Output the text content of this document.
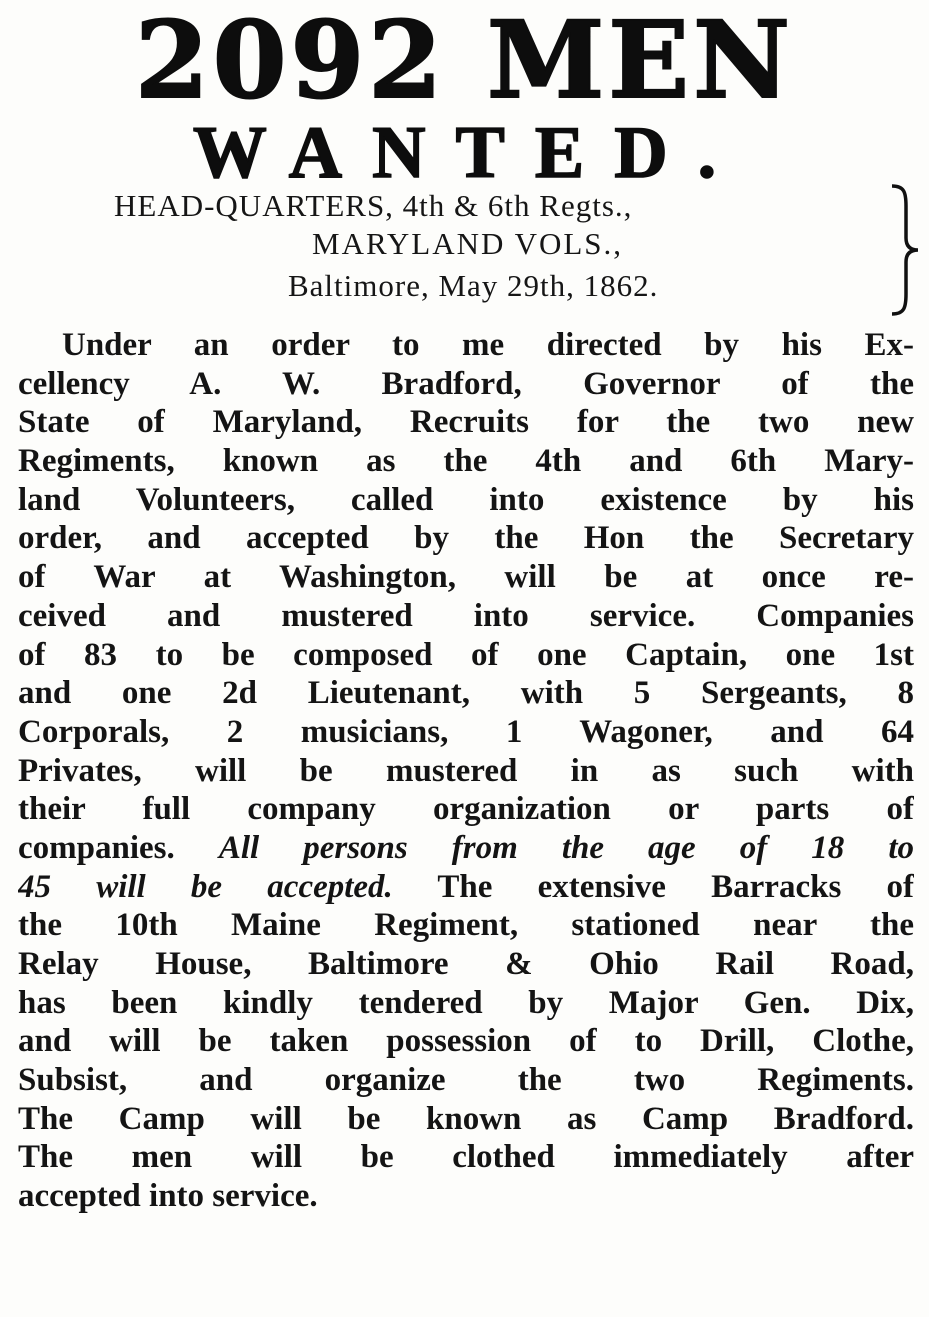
2092 MEN
WANTED.
HEAD-QUARTERS, 4th & 6th Regts.,
MARYLAND VOLS.,
Baltimore, May 29th, 1862.
Under an order to me directed by his Ex-
cellency A. W. Bradford, Governor of the
State of Maryland, Recruits for the two new
Regiments, known as the 4th and 6th Mary-
land Volunteers, called into existence by his
order, and accepted by the Hon the Secretary
of War at Washington, will be at once re-
ceived and mustered into service. Companies
of 83 to be composed of one Captain, one 1st
and one 2d Lieutenant, with 5 Sergeants, 8
Corporals, 2 musicians, 1 Wagoner, and 64
Privates, will be mustered in as such with
their full company organization or parts of
companies. All persons from the age of 18 to
45 will be accepted. The extensive Barracks of
the 10th Maine Regiment, stationed near the
Relay House, Baltimore & Ohio Rail Road,
has been kindly tendered by Major Gen. Dix,
and will be taken possession of to Drill, Clothe,
Subsist, and organize the two Regiments.
The Camp will be known as Camp Bradford.
The men will be clothed immediately after
accepted into service.
